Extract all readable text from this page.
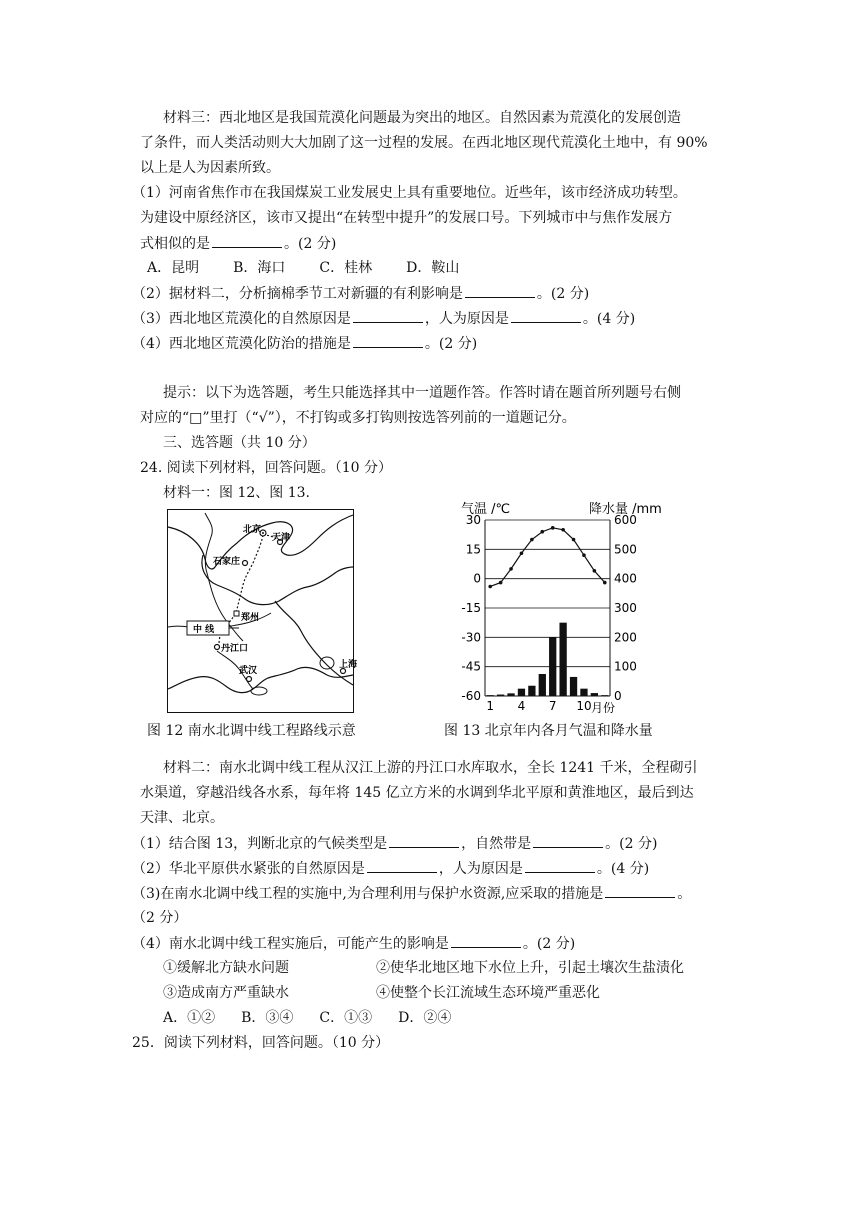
材料三：西北地区是我国荒漠化问题最为突出的地区。自然因素为荒漠化的发展创造
了条件，而人类活动则大大加剧了这一过程的发展。在西北地区现代荒漠化土地中，有 90%
以上是人为因素所致。
（1）河南省焦作市在我国煤炭工业发展史上具有重要地位。近些年，该市经济成功转型。
为建设中原经济区，该市又提出“在转型中提升”的发展口号。下列城市中与焦作发展方
式相似的是	。(2 分)
A．昆明 B．海口 C．桂林 D．鞍山
（2）据材料二，分析摘棉季节工对新疆的有利影响是	。(2 分)
（3）西北地区荒漠化的自然原因是	，人为原因是	。(4 分)
（4）西北地区荒漠化防治的措施是	。(2 分)
提示：以下为选答题，考生只能选择其中一道题作答。作答时请在题首所列题号右侧
对应的“□”里打（“√”），不打钩或多打钩则按选答列前的一道题记分。
三、选答题（共 10 分）
24. 阅读下列材料，回答问题。（10 分）
材料一：图 12、图 13.
北京
天津
石家庄
郑州
中 线
丹江口
武汉
上海
气温 /℃	降水量 /mm
30	600
15	500
0	400
-15	300
-30	200
-45	100
-60	0
1 4 7 10 月份
图 12 南水北调中线工程路线示意	图 13 北京年内各月气温和降水量
材料二：南水北调中线工程从汉江上游的丹江口水库取水，全长 1241 千米，全程砌引
水渠道，穿越沿线各水系，每年将 145 亿立方米的水调到华北平原和黄淮地区，最后到达
天津、北京。
（1）结合图 13，判断北京的气候类型是	，自然带是	。(2 分)
（2）华北平原供水紧张的自然原因是	，人为原因是	。(4 分)
（3)在南水北调中线工程的实施中,为合理利用与保护水资源,应采取的措施是	。
（2 分）
（4）南水北调中线工程实施后，可能产生的影响是	。(2 分)
①缓解北方缺水问题	②使华北地区地下水位上升，引起土壤次生盐渍化
③造成南方严重缺水	④使整个长江流域生态环境严重恶化
A．①② B．③④ C．①③ D．②④
25．阅读下列材料，回答问题。（10 分）
